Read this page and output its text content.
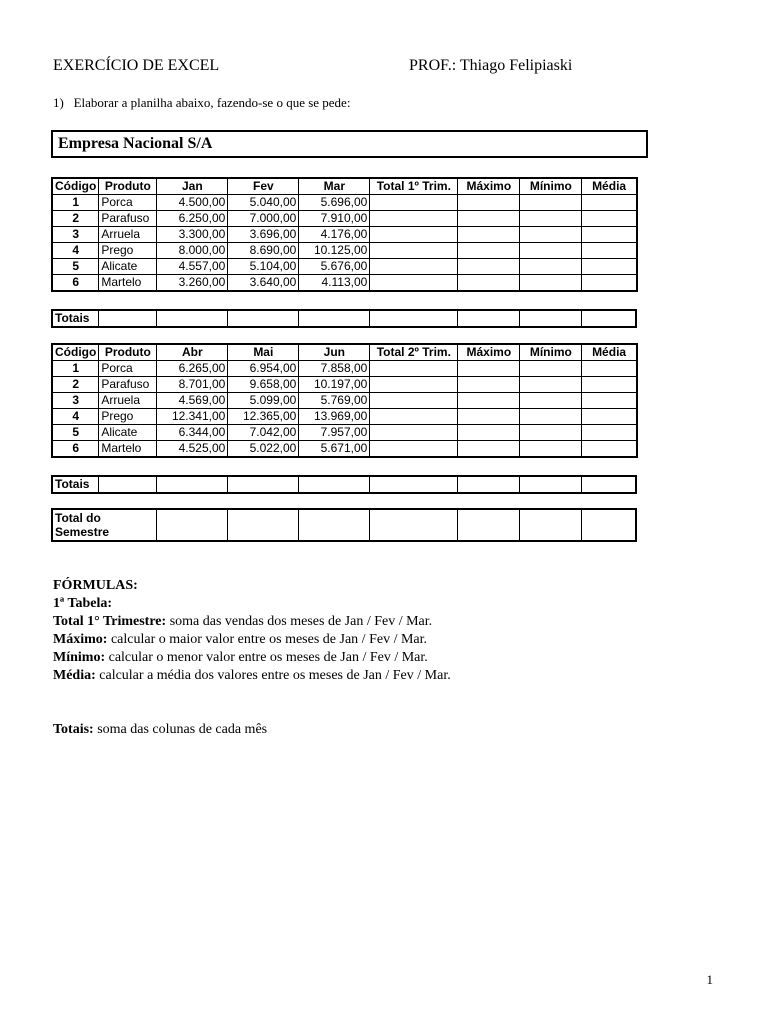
EXERCÍCIO DE EXCEL	PROF.: Thiago Felipiaski
1) Elaborar a planilha abaixo, fazendo-se o que se pede:
Empresa Nacional S/A
Código	Produto	Jan	Fev	Mar	Total 1º Trim.	Máximo	Mínimo	Média
1	Porca	4.500,00	5.040,00	5.696,00				
2	Parafuso	6.250,00	7.000,00	7.910,00				
3	Arruela	3.300,00	3.696,00	4.176,00				
4	Prego	8.000,00	8.690,00	10.125,00				
5	Alicate	4.557,00	5.104,00	5.676,00				
6	Martelo	3.260,00	3.640,00	4.113,00				
Totais								
Código	Produto	Abr	Mai	Jun	Total 2º Trim.	Máximo	Mínimo	Média
1	Porca	6.265,00	6.954,00	7.858,00				
2	Parafuso	8.701,00	9.658,00	10.197,00				
3	Arruela	4.569,00	5.099,00	5.769,00				
4	Prego	12.341,00	12.365,00	13.969,00				
5	Alicate	6.344,00	7.042,00	7.957,00				
6	Martelo	4.525,00	5.022,00	5.671,00				
Totais								
Total do
Semestre							
FÓRMULAS:
1ª Tabela:
Total 1° Trimestre: soma das vendas dos meses de Jan / Fev / Mar.
Máximo: calcular o maior valor entre os meses de Jan / Fev / Mar.
Mínimo: calcular o menor valor entre os meses de Jan / Fev / Mar.
Média: calcular a média dos valores entre os meses de Jan / Fev / Mar.
Totais: soma das colunas de cada mês
1
